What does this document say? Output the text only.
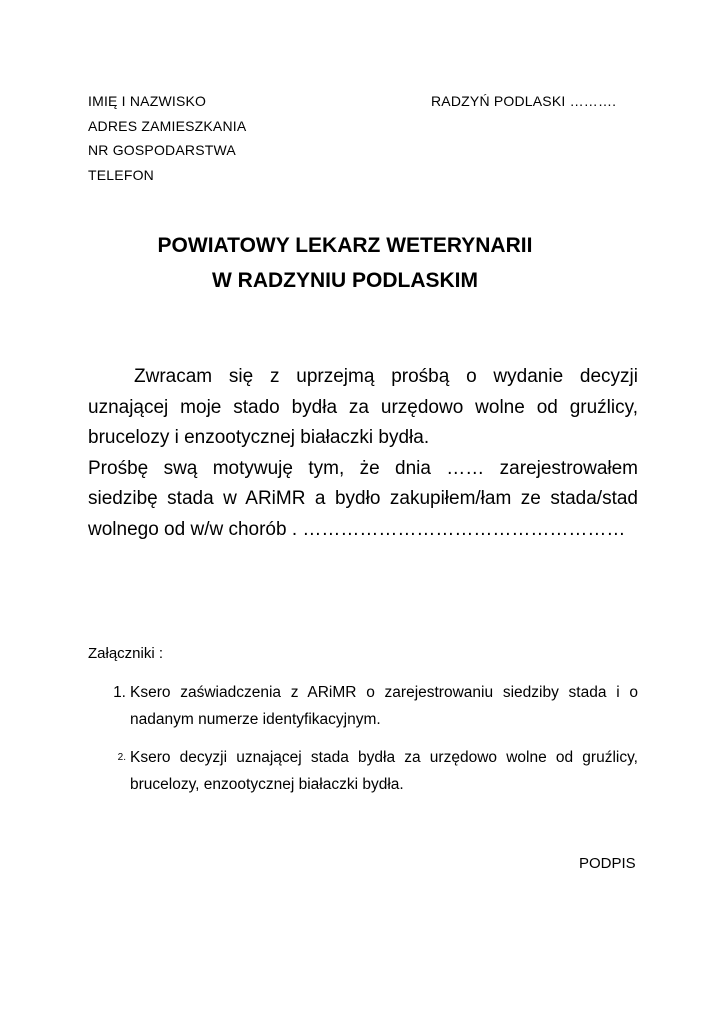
IMIĘ I NAZWISKO
ADRES ZAMIESZKANIA
NR GOSPODARSTWA
TELEFON
RADZYŃ PODLASKI ……….
POWIATOWY LEKARZ WETERYNARII
W RADZYNIU PODLASKIM

Zwracam się z uprzejmą prośbą o wydanie decyzji uznającej moje stado bydła za urzędowo wolne od gruźlicy, brucelozy i enzootycznej białaczki bydła.

Prośbę swą motywuję tym, że dnia …… zarejestrowałem siedzibę stada w ARiMR a bydło zakupiłem/łam ze stada/stad wolnego od w/w chorób . ……………………………………………

Załączniki :
1. Ksero zaświadczenia z ARiMR o zarejestrowaniu siedziby stada i o nadanym numerze identyfikacyjnym.
2. Ksero decyzji uznającej stada bydła za urzędowo wolne od gruźlicy, brucelozy, enzootycznej białaczki bydła.
PODPIS
